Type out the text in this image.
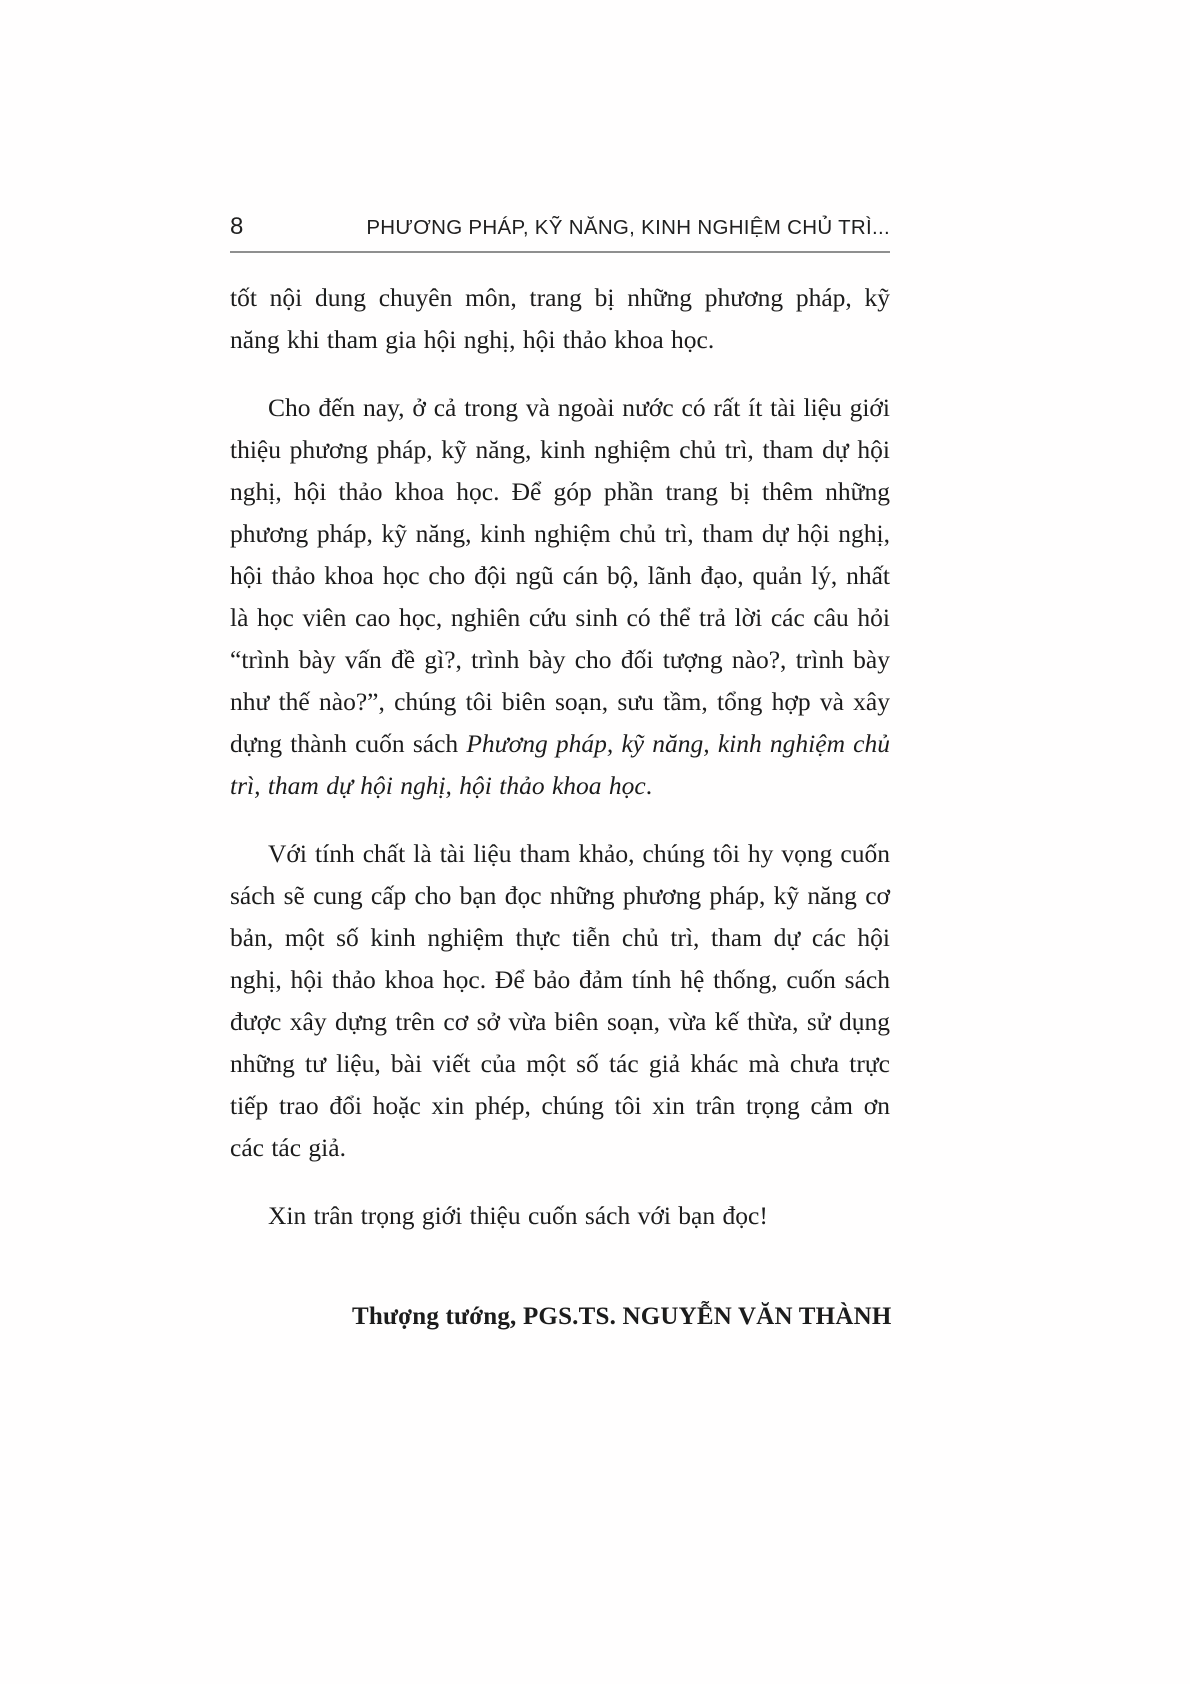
8	PHƯƠNG PHÁP, KỸ NĂNG, KINH NGHIỆM CHỦ TRÌ...

tốt nội dung chuyên môn, trang bị những phương pháp, kỹ năng khi tham gia hội nghị, hội thảo khoa học.

Cho đến nay, ở cả trong và ngoài nước có rất ít tài liệu giới thiệu phương pháp, kỹ năng, kinh nghiệm chủ trì, tham dự hội nghị, hội thảo khoa học. Để góp phần trang bị thêm những phương pháp, kỹ năng, kinh nghiệm chủ trì, tham dự hội nghị, hội thảo khoa học cho đội ngũ cán bộ, lãnh đạo, quản lý, nhất là học viên cao học, nghiên cứu sinh có thể trả lời các câu hỏi “trình bày vấn đề gì?, trình bày cho đối tượng nào?, trình bày như thế nào?”, chúng tôi biên soạn, sưu tầm, tổng hợp và xây dựng thành cuốn sách Phương pháp, kỹ năng, kinh nghiệm chủ trì, tham dự hội nghị, hội thảo khoa học.

Với tính chất là tài liệu tham khảo, chúng tôi hy vọng cuốn sách sẽ cung cấp cho bạn đọc những phương pháp, kỹ năng cơ bản, một số kinh nghiệm thực tiễn chủ trì, tham dự các hội nghị, hội thảo khoa học. Để bảo đảm tính hệ thống, cuốn sách được xây dựng trên cơ sở vừa biên soạn, vừa kế thừa, sử dụng những tư liệu, bài viết của một số tác giả khác mà chưa trực tiếp trao đổi hoặc xin phép, chúng tôi xin trân trọng cảm ơn các tác giả.

Xin trân trọng giới thiệu cuốn sách với bạn đọc!

Thượng tướng, PGS.TS. NGUYỄN VĂN THÀNH
